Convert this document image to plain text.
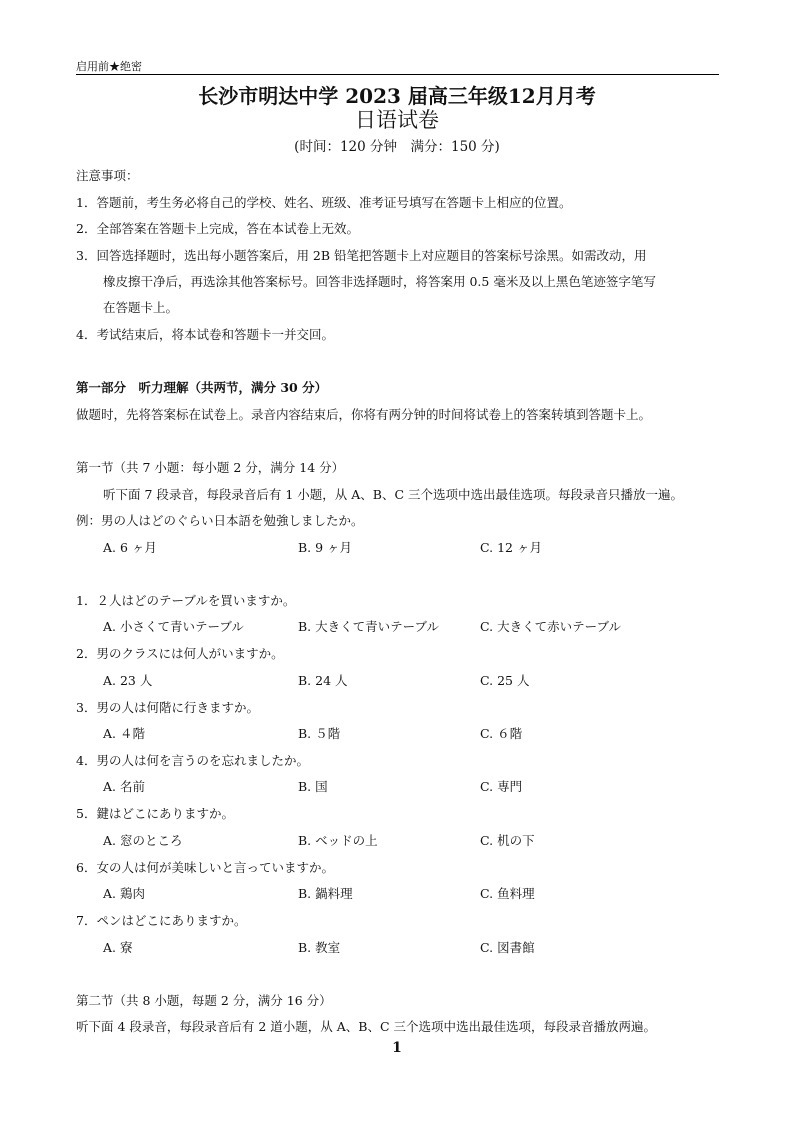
启用前★绝密
长沙市明达中学 2023 届高三年级12月月考
日语试卷
(时间：120 分钟　满分：150 分)
注意事项：
1．答题前，考生务必将自己的学校、姓名、班级、准考证号填写在答题卡上相应的位置。
2．全部答案在答题卡上完成，答在本试卷上无效。
3．回答选择题时，选出每小题答案后，用 2B 铅笔把答题卡上对应题目的答案标号涂黑。如需改动，用
橡皮擦干净后，再选涂其他答案标号。回答非选择题时，将答案用 0.5 毫米及以上黑色笔迹签字笔写
在答题卡上。
4．考试结束后，将本试卷和答题卡一并交回。
第一部分　听力理解（共两节，满分 30 分）
做题时，先将答案标在试卷上。录音内容结束后，你将有两分钟的时间将试卷上的答案转填到答题卡上。
第一节（共 7 小题：每小题 2 分，满分 14 分）
听下面 7 段录音，每段录音后有 1 小题，从 A、B、C 三个选项中选出最佳选项。每段录音只播放一遍。
例：男の人はどのぐらい日本語を勉強しましたか。
A. 6 ヶ月	B. 9 ヶ月	C. 12 ヶ月
1．２人はどのテーブルを買いますか。
A. 小さくて青いテーブル	B. 大きくて青いテーブル	C. 大きくて赤いテーブル
2．男のクラスには何人がいますか。
A. 23 人	B. 24 人	C. 25 人
3．男の人は何階に行きますか。
A. ４階	B. ５階	C. ６階
4．男の人は何を言うのを忘れましたか。
A. 名前	B. 国	C. 専門
5．鍵はどこにありますか。
A. 窓のところ	B. ベッドの上	C. 机の下
6．女の人は何が美味しいと言っていますか。
A. 鶏肉	B. 鍋料理	C. 鱼料理
7．ペンはどこにありますか。
A. 寮	B. 教室	C. 図書館
第二节（共 8 小题，每题 2 分，满分 16 分）
听下面 4 段录音，每段录音后有 2 道小题，从 A、B、C 三个选项中选出最佳选项，每段录音播放两遍。
1
